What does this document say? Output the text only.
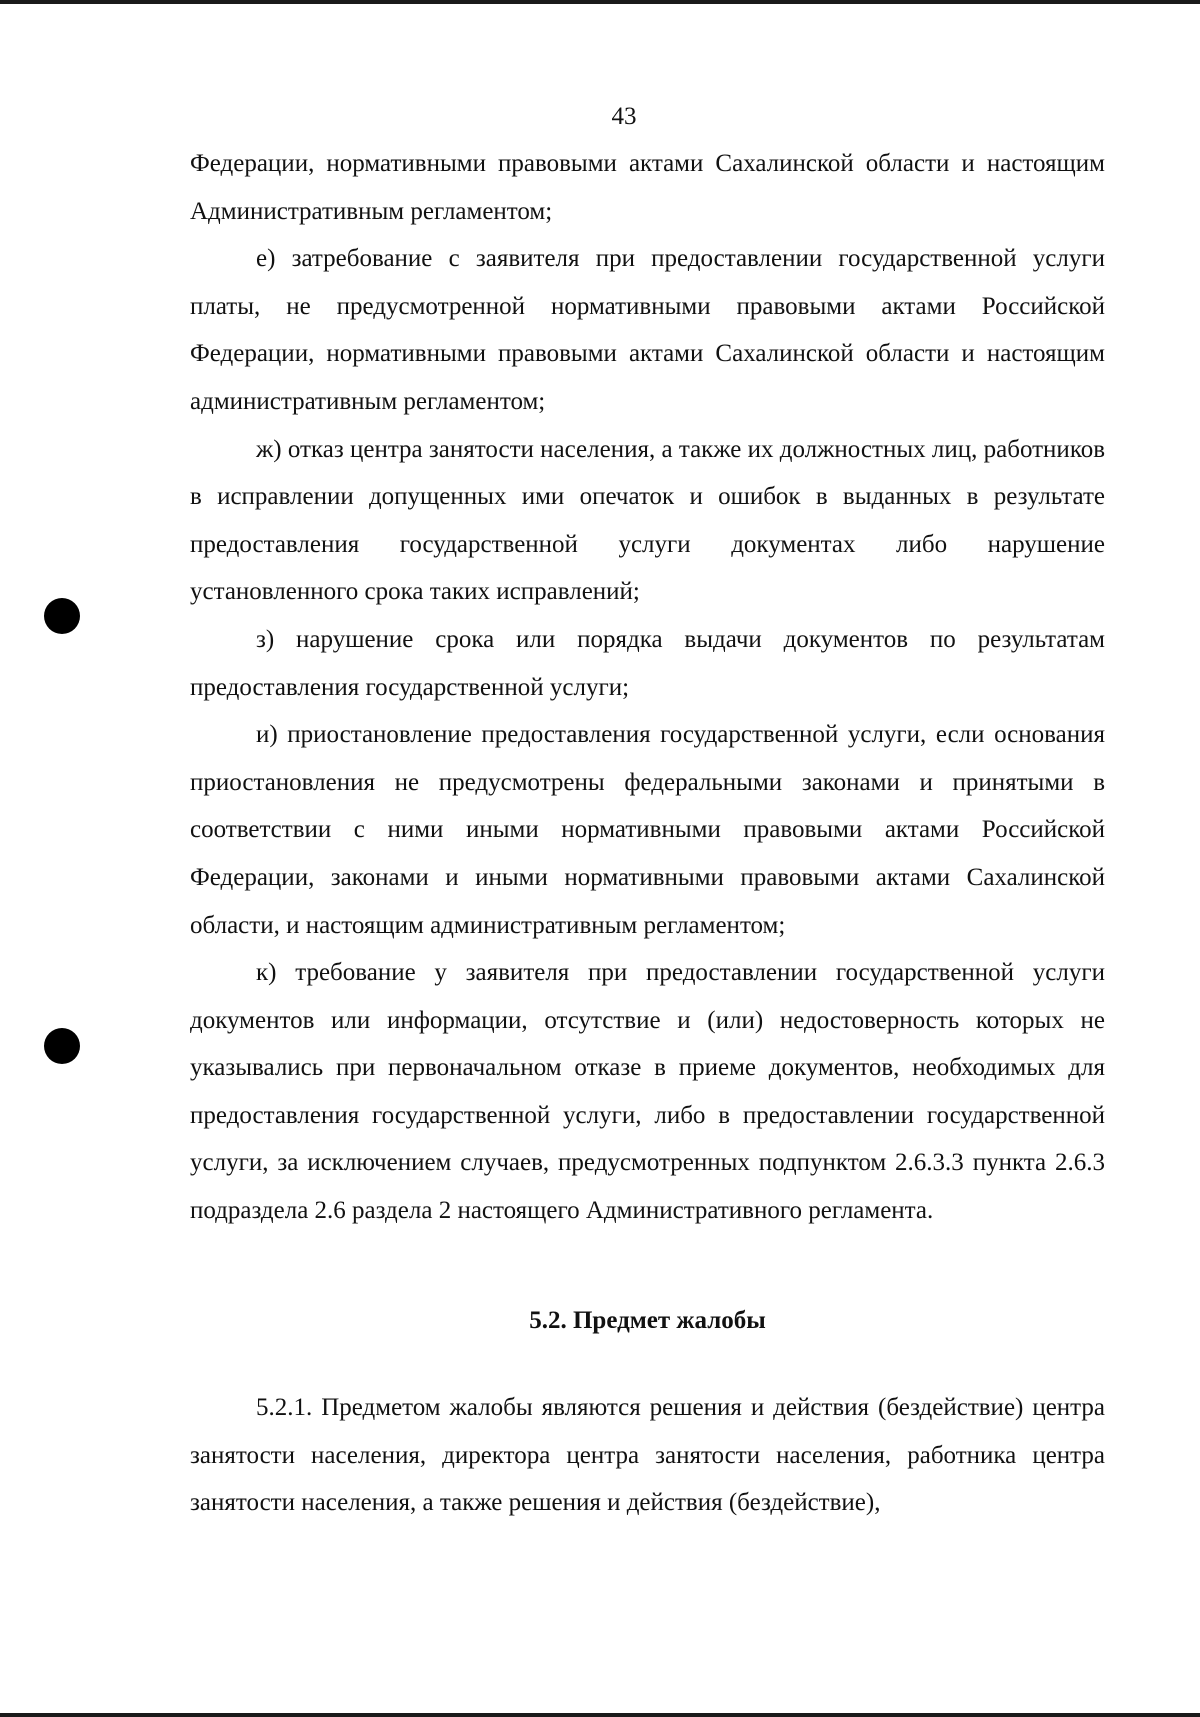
43

Федерации, нормативными правовыми актами Сахалинской области и настоящим Административным регламентом;

е) затребование с заявителя при предоставлении государственной услуги платы, не предусмотренной нормативными правовыми актами Российской Федерации, нормативными правовыми актами Сахалинской области и настоящим административным регламентом;

ж) отказ центра занятости населения, а также их должностных лиц, работников в исправлении допущенных ими опечаток и ошибок в выданных в результате предоставления государственной услуги документах либо нарушение установленного срока таких исправлений;

з) нарушение срока или порядка выдачи документов по результатам предоставления государственной услуги;

и) приостановление предоставления государственной услуги, если основания приостановления не предусмотрены федеральными законами и принятыми в соответствии с ними иными нормативными правовыми актами Российской Федерации, законами и иными нормативными правовыми актами Сахалинской области, и настоящим административным регламентом;

к) требование у заявителя при предоставлении государственной услуги документов или информации, отсутствие и (или) недостоверность которых не указывались при первоначальном отказе в приеме документов, необходимых для предоставления государственной услуги, либо в предоставлении государственной услуги, за исключением случаев, предусмотренных подпунктом 2.6.3.3 пункта 2.6.3 подраздела 2.6 раздела 2 настоящего Административного регламента.

5.2. Предмет жалобы

5.2.1. Предметом жалобы являются решения и действия (бездействие) центра занятости населения, директора центра занятости населения, работника центра занятости населения, а также решения и действия (бездействие),
